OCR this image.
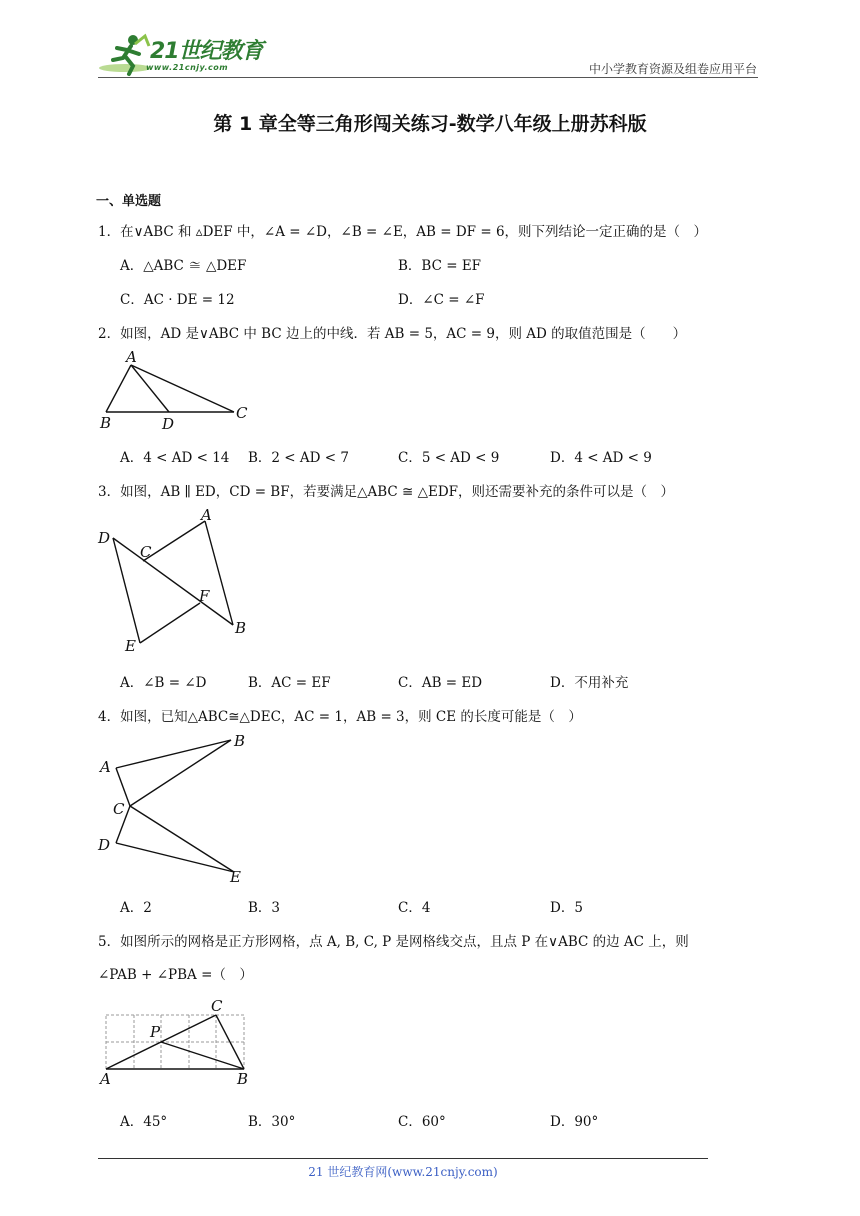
21世纪教育
www.21cnjy.com	中小学教育资源及组卷应用平台
第 1 章全等三角形闯关练习-数学八年级上册苏科版
一、单选题
1．在∨ABC 和 ▵DEF 中，∠A = ∠D，∠B = ∠E，AB = DF = 6，则下列结论一定正确的是（　）
A．△ABC ≅ △DEF	B．BC = EF
C．AC · DE = 12	D．∠C = ∠F
2．如图，AD 是∨ABC 中 BC 边上的中线．若 AB = 5，AC = 9，则 AD 的取值范围是（　　）
A
B
C
D
A．4 < AD < 14 B．2 < AD < 7	C．5 < AD < 9	D．4 < AD < 9
3．如图，AB ∥ ED，CD = BF，若要满足△ABC ≅ △EDF，则还需要补充的条件可以是（　）
A
B
C
D
E
F
A．∠B = ∠D	B．AC = EF	C．AB = ED	D．不用补充
4．如图，已知△ABC≅△DEC，AC = 1，AB = 3，则 CE 的长度可能是（　）
A
B
C
D
E
A．2	B．3	C．4	D．5
5．如图所示的网格是正方形网格，点 A, B, C, P 是网格线交点，且点 P 在∨ABC 的边 AC 上，则
∠PAB + ∠PBA =（　）
A	B
C
P
A．45°	B．30°	C．60°	D．90°
21 世纪教育网(www.21cnjy.com)
